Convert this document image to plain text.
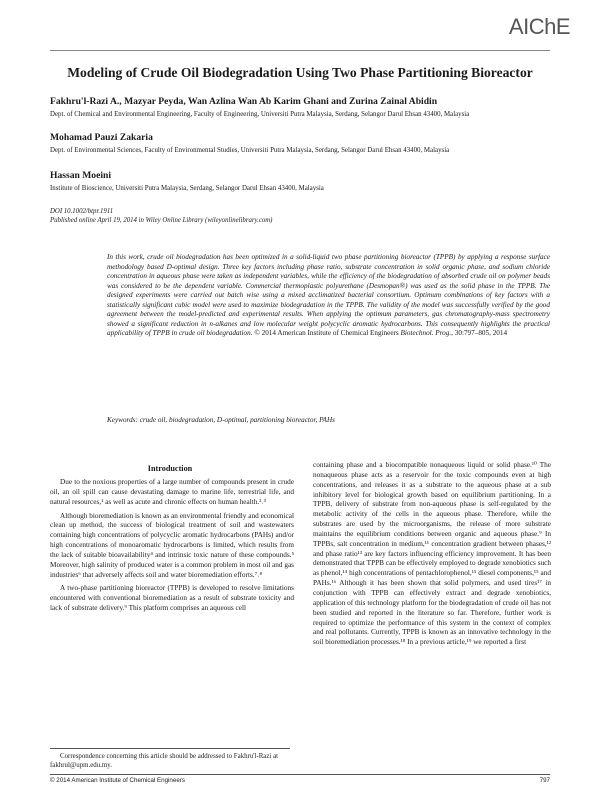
AIChE
Modeling of Crude Oil Biodegradation Using Two Phase Partitioning Bioreactor
Fakhru'l-Razi A., Mazyar Peyda, Wan Azlina Wan Ab Karim Ghani and Zurina Zainal Abidin
Dept. of Chemical and Environmental Engineering, Faculty of Engineering, Universiti Putra Malaysia, Serdang, Selangor Darul Ehsan 43400, Malaysia
Mohamad Pauzi Zakaria
Dept. of Environmental Sciences, Faculty of Environmental Studies, Universiti Putra Malaysia, Serdang, Selangor Darul Ehsan 43400, Malaysia
Hassan Moeini
Institute of Bioscience, Universiti Putra Malaysia, Serdang, Selangor Darul Ehsan 43400, Malaysia
DOI 10.1002/btpr.1911
Published online April 19, 2014 in Wiley Online Library (wileyonlinelibrary.com)
In this work, crude oil biodegradation has been optimized in a solid-liquid two phase partitioning bioreactor (TPPB) by applying a response surface methodology based D-optimal design. Three key factors including phase ratio, substrate concentration in solid organic phase, and sodium chloride concentration in aqueous phase were taken as independent variables, while the efficiency of the biodegradation of absorbed crude oil on polymer beads was considered to be the dependent variable. Commercial thermoplastic polyurethane (Desmopan®) was used as the solid phase in the TPPB. The designed experiments were carried out batch wise using a mixed acclimatized bacterial consortium. Optimum combinations of key factors with a statistically significant cubic model were used to maximize biodegradation in the TPPB. The validity of the model was successfully verified by the good agreement between the model-predicted and experimental results. When applying the optimum parameters, gas chromatography-mass spectrometry showed a significant reduction in n-alkanes and low molecular weight polycyclic aromatic hydrocarbons. This consequently highlights the practical applicability of TPPB in crude oil biodegradation. © 2014 American Institute of Chemical Engineers Biotechnol. Prog., 30:797–805, 2014
Keywords: crude oil, biodegradation, D-optimal, partitioning bioreactor, PAHs
Introduction

Due to the noxious properties of a large number of compounds present in crude oil, an oil spill can cause devastating damage to marine life, terrestrial life, and natural resources,¹ as well as acute and chronic effects on human health.²˒³

Although bioremediation is known as an environmental friendly and economical clean up method, the success of biological treatment of soil and wastewaters containing high concentrations of polycyclic aromatic hydrocarbons (PAHs) and/or high concentrations of monoaromatic hydrocarbons is limited, which results from the lack of suitable bioavailability⁴ and intrinsic toxic nature of these compounds.⁵ Moreover, high salinity of produced water is a common problem in most oil and gas industries⁶ that adversely affects soil and water bioremediation efforts.⁷˒⁸

A two-phase partitioning bioreactor (TPPB) is developed to resolve limitations encountered with conventional bioremediation as a result of substrate toxicity and lack of substrate delivery.⁹ This platform comprises an aqueous cell

containing phase and a biocompatible nonaqueous liquid or solid phase.¹⁰ The nonaqueous phase acts as a reservoir for the toxic compounds even at high concentrations, and releases it as a substrate to the aqueous phase at a sub inhibitory level for biological growth based on equilibrium partitioning. In a TPPB, delivery of substrate from non-aqueous phase is self-regulated by the metabolic activity of the cells in the aqueous phase. Therefore, while the substrates are used by the microorganisms, the release of more substrate maintains the equilibrium conditions between organic and aqueous phase.⁹ In TPPBs, salt concentration in medium,¹¹ concentration gradient between phases,¹² and phase ratio¹³ are key factors influencing efficiency improvement. It has been demonstrated that TPPB can be effectively employed to degrade xenobiotics such as phenol,¹⁴ high concentrations of pentachlorophenol,¹⁵ diesel components,¹⁵ and PAHs.¹⁶ Although it has been shown that solid polymers, and used tires¹⁷ in conjunction with TPPB can effectively extract and degrade xenobiotics, application of this technology platform for the biodegradation of crude oil has not been studied and reported in the literature so far. Therefore, further work is required to optimize the performance of this system in the context of complex and real pollutants. Currently, TPPB is known as an innovative technology in the soil bioremediation processes.¹⁸ In a previous article,¹⁹ we reported a first

Correspondence concerning this article should be addressed to Fakhru'l-Razi at fakhrul@upm.edu.my.
© 2014 American Institute of Chemical Engineers	797
